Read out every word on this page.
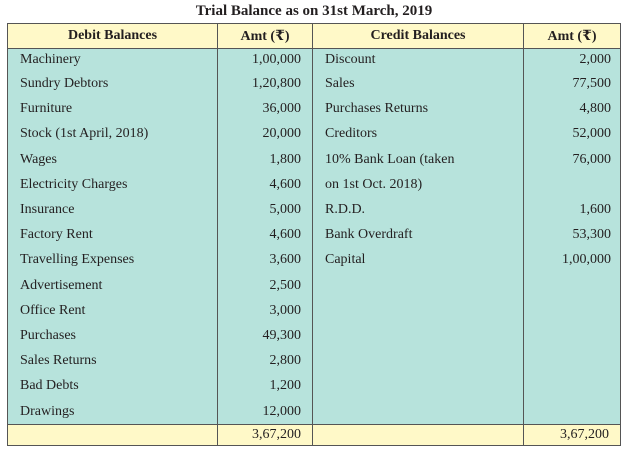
Trial Balance as on 31st March, 2019
Debit Balances	Amt (₹)	Credit Balances	Amt (₹)
Machinery	1,00,000	Discount	2,000
Sundry Debtors	1,20,800	Sales	77,500
Furniture	36,000	Purchases Returns	4,800
Stock (1st April, 2018)	20,000	Creditors	52,000
Wages	1,800	10% Bank Loan (taken	76,000
Electricity Charges	4,600	on 1st Oct. 2018)	
Insurance	5,000	R.D.D.	1,600
Factory Rent	4,600	Bank Overdraft	53,300
Travelling Expenses	3,600	Capital	1,00,000
Advertisement	2,500		
Office Rent	3,000		
Purchases	49,300		
Sales Returns	2,800		
Bad Debts	1,200		
Drawings	12,000		
	3,67,200		3,67,200
